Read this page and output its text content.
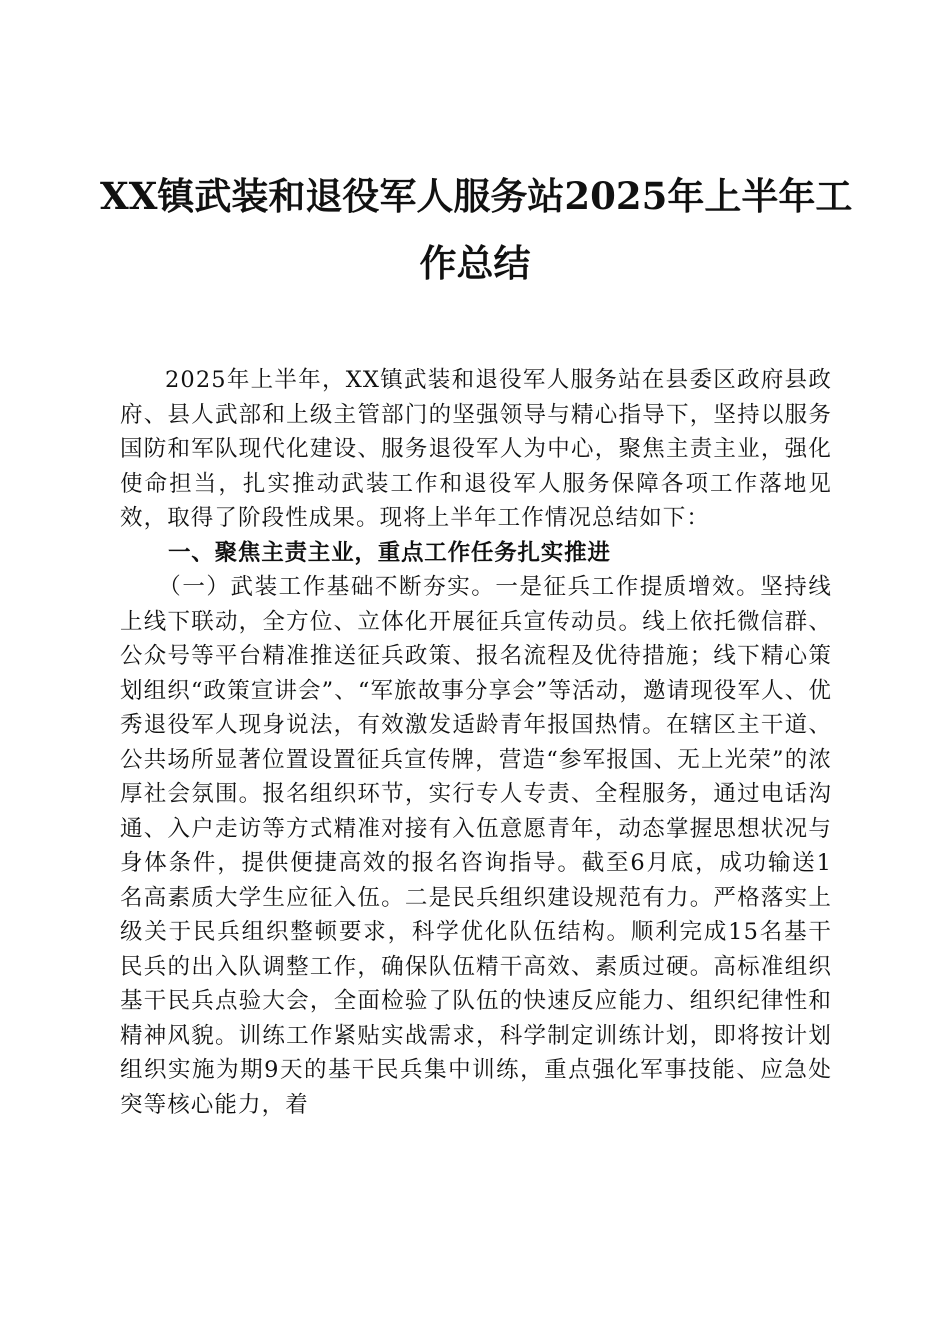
XX镇武装和退役军人服务站2025年上半年工
作总结

2025年上半年，XX镇武装和退役军人服务站在县委区政府县政府、县人武部和上级主管部门的坚强领导与精心指导下，坚持以服务国防和军队现代化建设、服务退役军人为中心，聚焦主责主业，强化使命担当，扎实推动武装工作和退役军人服务保障各项工作落地见效，取得了阶段性成果。现将上半年工作情况总结如下：

一、聚焦主责主业，重点工作任务扎实推进

（一）武装工作基础不断夯实。一是征兵工作提质增效。坚持线上线下联动，全方位、立体化开展征兵宣传动员。线上依托微信群、公众号等平台精准推送征兵政策、报名流程及优待措施；线下精心策划组织“政策宣讲会”、“军旅故事分享会”等活动，邀请现役军人、优秀退役军人现身说法，有效激发适龄青年报国热情。在辖区主干道、公共场所显著位置设置征兵宣传牌，营造“参军报国、无上光荣”的浓厚社会氛围。报名组织环节，实行专人专责、全程服务，通过电话沟通、入户走访等方式精准对接有入伍意愿青年，动态掌握思想状况与身体条件，提供便捷高效的报名咨询指导。截至6月底，成功输送1名高素质大学生应征入伍。二是民兵组织建设规范有力。严格落实上级关于民兵组织整顿要求，科学优化队伍结构。顺利完成15名基干民兵的出入队调整工作，确保队伍精干高效、素质过硬。高标准组织基干民兵点验大会，全面检验了队伍的快速反应能力、组织纪律性和精神风貌。训练工作紧贴实战需求，科学制定训练计划，即将按计划组织实施为期9天的基干民兵集中训练，重点强化军事技能、应急处突等核心能力，着
